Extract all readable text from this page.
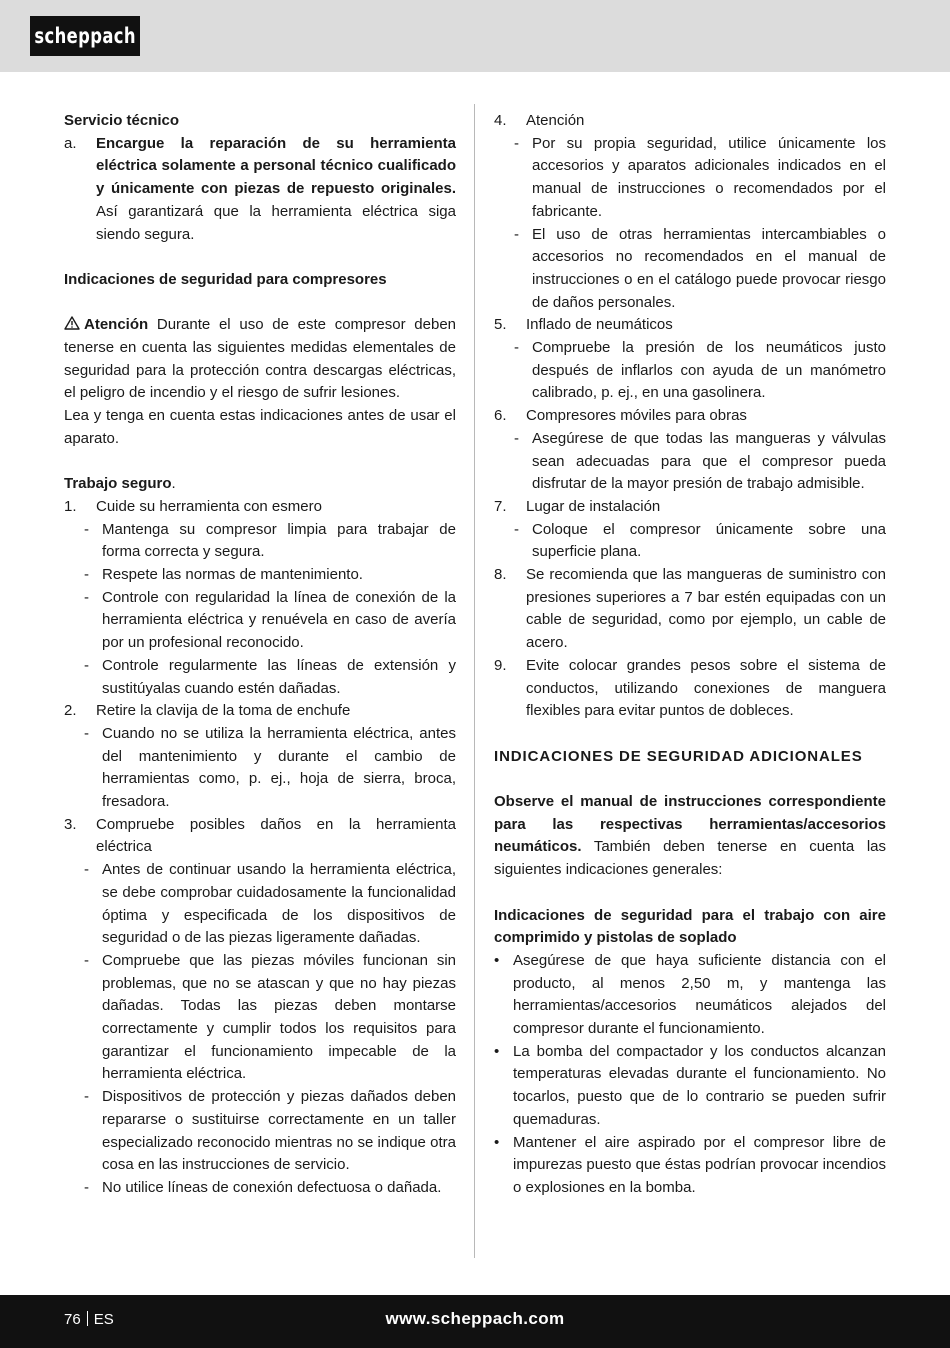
scheppach

Servicio técnico

a.	Encargue la reparación de su herramienta eléctrica solamente a personal técnico cualificado y únicamente con piezas de repuesto originales. Así garantizará que la herramienta eléctrica siga siendo segura.

Indicaciones de seguridad para compresores

Atención Durante el uso de este compresor deben tenerse en cuenta las siguientes medidas elementales de seguridad para la protección contra descargas eléctricas, el peligro de incendio y el riesgo de sufrir lesiones.

Lea y tenga en cuenta estas indicaciones antes de usar el aparato.

Trabajo seguro.

1.	Cuide su herramienta con esmero
- Mantenga su compresor limpia para trabajar de forma correcta y segura.
- Respete las normas de mantenimiento.
- Controle con regularidad la línea de conexión de la herramienta eléctrica y renuévela en caso de avería por un profesional reconocido.
- Controle regularmente las líneas de extensión y sustitúyalas cuando estén dañadas.
2.	Retire la clavija de la toma de enchufe
- Cuando no se utiliza la herramienta eléctrica, antes del mantenimiento y durante el cambio de herramientas como, p. ej., hoja de sierra, broca, fresadora.
3.	Compruebe posibles daños en la herramienta eléctrica
- Antes de continuar usando la herramienta eléctrica, se debe comprobar cuidadosamente la funcionalidad óptima y especificada de los dispositivos de seguridad o de las piezas ligeramente dañadas.
- Compruebe que las piezas móviles funcionan sin problemas, que no se atascan y que no hay piezas dañadas. Todas las piezas deben montarse correctamente y cumplir todos los requisitos para garantizar el funcionamiento impecable de la herramienta eléctrica.
- Dispositivos de protección y piezas dañados deben repararse o sustituirse correctamente en un taller especializado reconocido mientras no se indique otra cosa en las instrucciones de servicio.
- No utilice líneas de conexión defectuosa o dañada.
4.	Atención
- Por su propia seguridad, utilice únicamente los accesorios y aparatos adicionales indicados en el manual de instrucciones o recomendados por el fabricante.
- El uso de otras herramientas intercambiables o accesorios no recomendados en el manual de instrucciones o en el catálogo puede provocar riesgo de daños personales.
5.	Inflado de neumáticos
- Compruebe la presión de los neumáticos justo después de inflarlos con ayuda de un manómetro calibrado, p. ej., en una gasolinera.
6.	Compresores móviles para obras
- Asegúrese de que todas las mangueras y válvulas sean adecuadas para que el compresor pueda disfrutar de la mayor presión de trabajo admisible.
7.	Lugar de instalación
- Coloque el compresor únicamente sobre una superficie plana.
8.	Se recomienda que las mangueras de suministro con presiones superiores a 7 bar estén equipadas con un cable de seguridad, como por ejemplo, un cable de acero.
9.	Evite colocar grandes pesos sobre el sistema de conductos, utilizando conexiones de manguera flexibles para evitar puntos de dobleces.

INDICACIONES DE SEGURIDAD ADICIONALES

Observe el manual de instrucciones correspondiente para las respectivas herramientas/accesorios neumáticos. También deben tenerse en cuenta las siguientes indicaciones generales:

Indicaciones de seguridad para el trabajo con aire comprimido y pistolas de soplado

• Asegúrese de que haya suficiente distancia con el producto, al menos 2,50 m, y mantenga las herramientas/accesorios neumáticos alejados del compresor durante el funcionamiento.
• La bomba del compactador y los conductos alcanzan temperaturas elevadas durante el funcionamiento. No tocarlos, puesto que de lo contrario se pueden sufrir quemaduras.
• Mantener el aire aspirado por el compresor libre de impurezas puesto que éstas podrían provocar incendios o explosiones en la bomba.
76 ES	www.scheppach.com
